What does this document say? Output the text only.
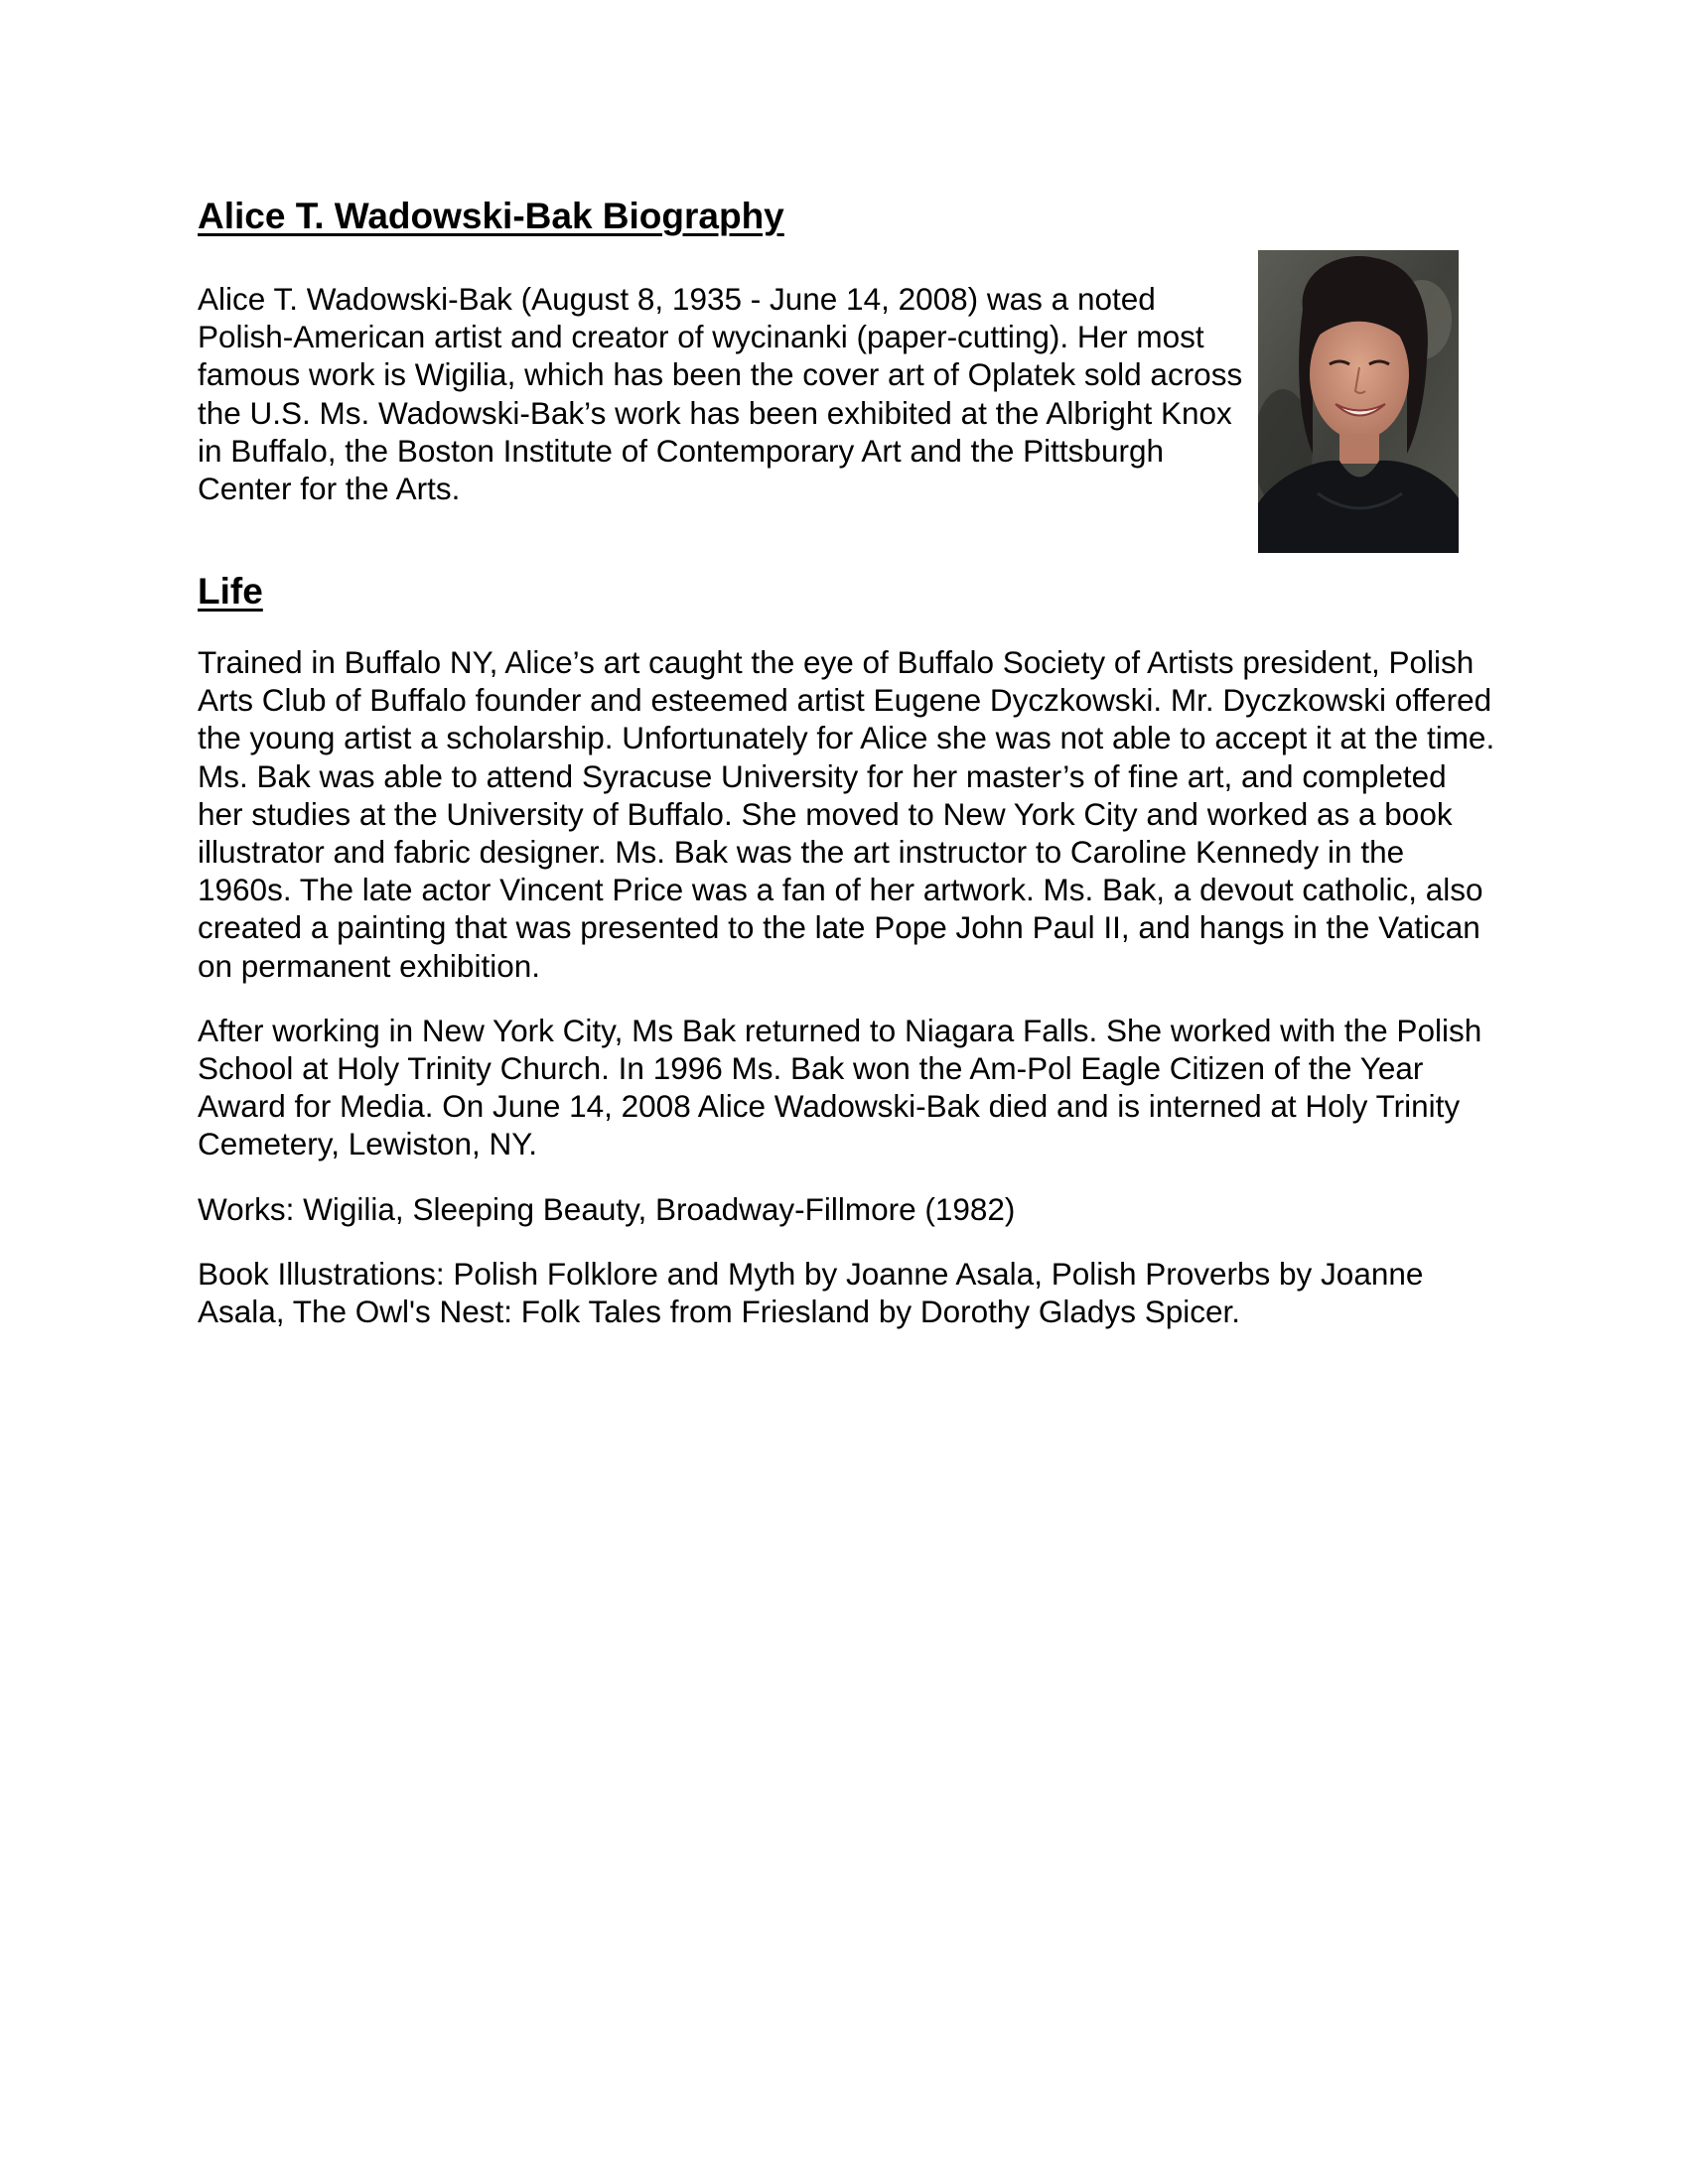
Alice T. Wadowski-Bak Biography

Alice T. Wadowski-Bak (August 8, 1935 - June 14, 2008) was a noted Polish-American artist and creator of wycinanki (paper-cutting). Her most famous work is Wigilia, which has been the cover art of Oplatek sold across the U.S. Ms. Wadowski-Bak’s work has been exhibited at the Albright Knox in Buffalo, the Boston Institute of Contemporary Art and the Pittsburgh Center for the Arts.

Life

Trained in Buffalo NY, Alice’s art caught the eye of Buffalo Society of Artists president, Polish Arts Club of Buffalo founder and esteemed artist Eugene Dyczkowski. Mr. Dyczkowski offered the young artist a scholarship. Unfortunately for Alice she was not able to accept it at the time. Ms. Bak was able to attend Syracuse University for her master’s of fine art, and completed her studies at the University of Buffalo. She moved to New York City and worked as a book illustrator and fabric designer. Ms. Bak was the art instructor to Caroline Kennedy in the 1960s. The late actor Vincent Price was a fan of her artwork. Ms. Bak, a devout catholic, also created a painting that was presented to the late Pope John Paul II, and hangs in the Vatican on permanent exhibition.

After working in New York City, Ms Bak returned to Niagara Falls. She worked with the Polish School at Holy Trinity Church. In 1996 Ms. Bak won the Am-Pol Eagle Citizen of the Year Award for Media. On June 14, 2008 Alice Wadowski-Bak died and is interned at Holy Trinity Cemetery, Lewiston, NY.

Works: Wigilia, Sleeping Beauty, Broadway-Fillmore (1982)

Book Illustrations: Polish Folklore and Myth by Joanne Asala, Polish Proverbs by Joanne Asala, The Owl's Nest: Folk Tales from Friesland by Dorothy Gladys Spicer.
